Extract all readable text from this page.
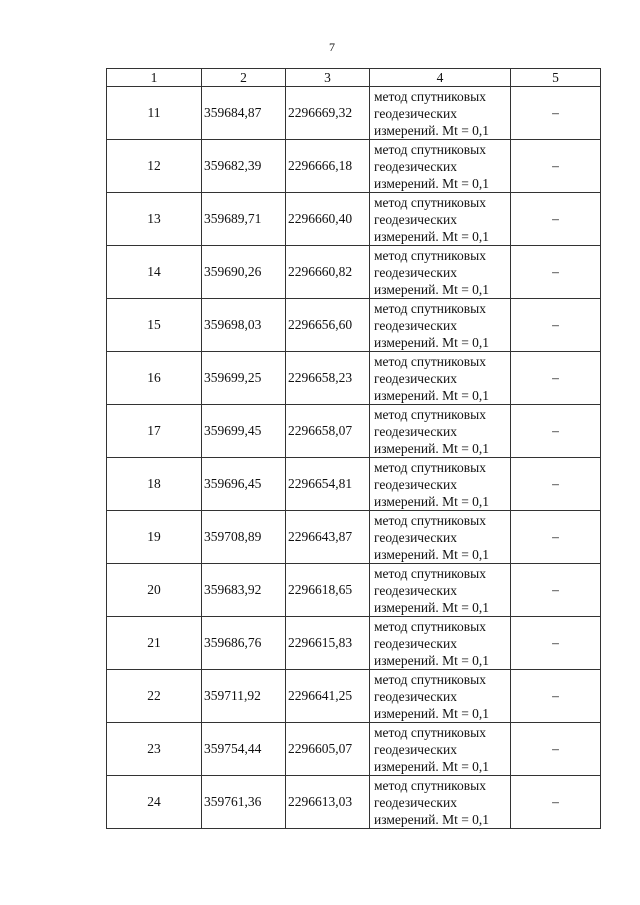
7
1	2	3	4	5
11	359684,87	2296669,32	метод спутниковых
геодезических
измерений. Mt = 0,1	–
12	359682,39	2296666,18	метод спутниковых
геодезических
измерений. Mt = 0,1	–
13	359689,71	2296660,40	метод спутниковых
геодезических
измерений. Mt = 0,1	–
14	359690,26	2296660,82	метод спутниковых
геодезических
измерений. Mt = 0,1	–
15	359698,03	2296656,60	метод спутниковых
геодезических
измерений. Mt = 0,1	–
16	359699,25	2296658,23	метод спутниковых
геодезических
измерений. Mt = 0,1	–
17	359699,45	2296658,07	метод спутниковых
геодезических
измерений. Mt = 0,1	–
18	359696,45	2296654,81	метод спутниковых
геодезических
измерений. Mt = 0,1	–
19	359708,89	2296643,87	метод спутниковых
геодезических
измерений. Mt = 0,1	–
20	359683,92	2296618,65	метод спутниковых
геодезических
измерений. Mt = 0,1	–
21	359686,76	2296615,83	метод спутниковых
геодезических
измерений. Mt = 0,1	–
22	359711,92	2296641,25	метод спутниковых
геодезических
измерений. Mt = 0,1	–
23	359754,44	2296605,07	метод спутниковых
геодезических
измерений. Mt = 0,1	–
24	359761,36	2296613,03	метод спутниковых
геодезических
измерений. Mt = 0,1	–
